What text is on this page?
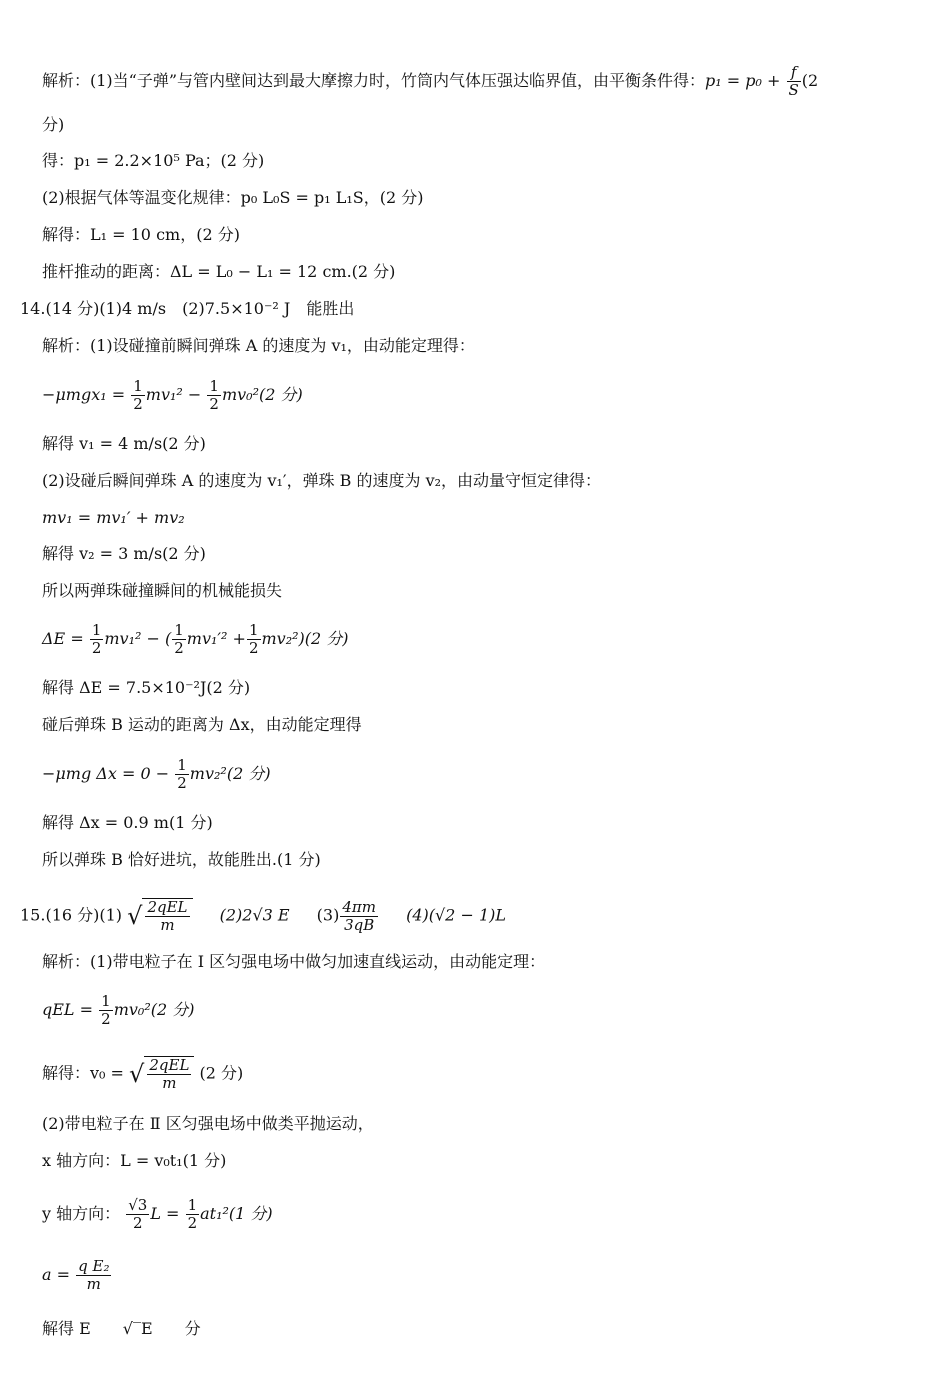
解析：(1)当“子弹”与管内壁间达到最大摩擦力时，竹筒内气体压强达临界值，由平衡条件得：$p_1 = p_0 + \frac{f}{S} (2$
分)
得：p₁ = 2.2×10⁵ Pa；(2 分)
(2)根据气体等温变化规律：p₀ L₀S = p₁ L₁S，(2 分)
解得：L₁ = 10 cm，(2 分)
推杆推动的距离：ΔL = L₀ − L₁ = 12 cm.(2 分)
14.(14 分)(1)4 m/s　(2)7.5×10⁻² J　能胜出
解析：(1)设碰撞前瞬间弹珠 A 的速度为 v₁，由动能定理得：
$-\mu mgx_1 = \frac{1}{2} mv_1^2 - \frac{1}{2} mv_0^2(2$ 分)
解得 v₁ = 4 m/s(2 分)
(2)设碰后瞬间弹珠 A 的速度为 v₁′，弹珠 B 的速度为 v₂，由动量守恒定律得：
mv₁ = mv₁′ + mv₂
解得 v₂ = 3 m/s(2 分)
所以两弹珠碰撞瞬间的机械能损失
$\Delta E = \frac{1}{2} mv_1^2$ − ( $\frac{1}{2} mv_1'^2 + \frac{1}{2} mv_2^2)(2$ 分)
解得 ΔE = 7.5×10⁻²J(2 分)
碰后弹珠 B 运动的距离为 Δx，由动能定理得
−μmg $\Delta x = 0 - \frac{1}{2} mv_2^2(2$ 分)
解得 Δx = 0.9 m(1 分)
所以弹珠 B 恰好进坑，故能胜出.(1 分)
15.(16 分)(1) √ $\frac{\text{2qEL}}{m} (2)2√3$ E $(3) \frac{4\pi m}{3qB} (4)(√2 - 1)L$
解析：(1)带电粒子在 Ⅰ 区匀强电场中做匀加速直线运动，由动能定理：
qEL = $\frac{1}{2} mv_0^2(2$ 分)
解得：v₀ = √ $\frac{\text{2qEL}}{m} (2$ 分)
(2)带电粒子在 Ⅱ 区匀强电场中做类平抛运动，
x 轴方向：L = v₀t₁(1 分)
y 轴方向： $\frac{√3}{2}$ $L = \frac{1}{2} at_1^2(1$ 分)
$a = \frac{\text{q E₂}}{m}$
解得 E　　√‾E　　分
